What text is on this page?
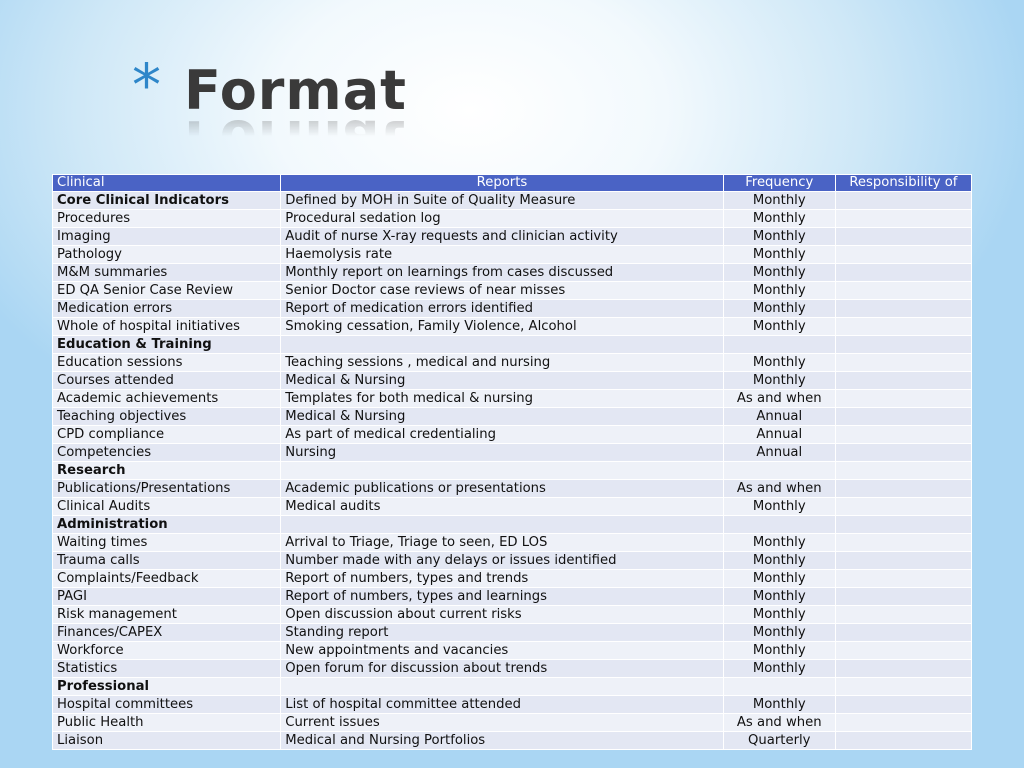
* Format
Clinical	Reports	Frequency	Responsibility of
Core Clinical Indicators	Defined by MOH in Suite of Quality Measure	Monthly	
Procedures	Procedural sedation log	Monthly	
Imaging	Audit of nurse X-ray requests and clinician activity	Monthly	
Pathology	Haemolysis rate	Monthly	
M&M summaries	Monthly report on learnings from cases discussed	Monthly	
ED QA Senior Case Review	Senior Doctor case reviews of near misses	Monthly	
Medication errors	Report of medication errors identified	Monthly	
Whole of hospital initiatives	Smoking cessation, Family Violence, Alcohol	Monthly	
Education & Training			
Education sessions	Teaching sessions , medical and nursing	Monthly	
Courses attended	Medical & Nursing	Monthly	
Academic achievements	Templates for both medical & nursing	As and when	
Teaching objectives	Medical & Nursing	Annual	
CPD compliance	As part of medical credentialing	Annual	
Competencies	Nursing	Annual	
Research			
Publications/Presentations	Academic publications or presentations	As and when	
Clinical Audits	Medical audits	Monthly	
Administration			
Waiting times	Arrival to Triage, Triage to seen, ED LOS	Monthly	
Trauma calls	Number made with any delays or issues identified	Monthly	
Complaints/Feedback	Report of numbers, types and trends	Monthly	
PAGI	Report of numbers, types and learnings	Monthly	
Risk management	Open discussion about current risks	Monthly	
Finances/CAPEX	Standing report	Monthly	
Workforce	New appointments and vacancies	Monthly	
Statistics	Open forum for discussion about trends	Monthly	
Professional			
Hospital committees	List of hospital committee attended	Monthly	
Public Health	Current issues	As and when	
Liaison	Medical and Nursing Portfolios	Quarterly	
